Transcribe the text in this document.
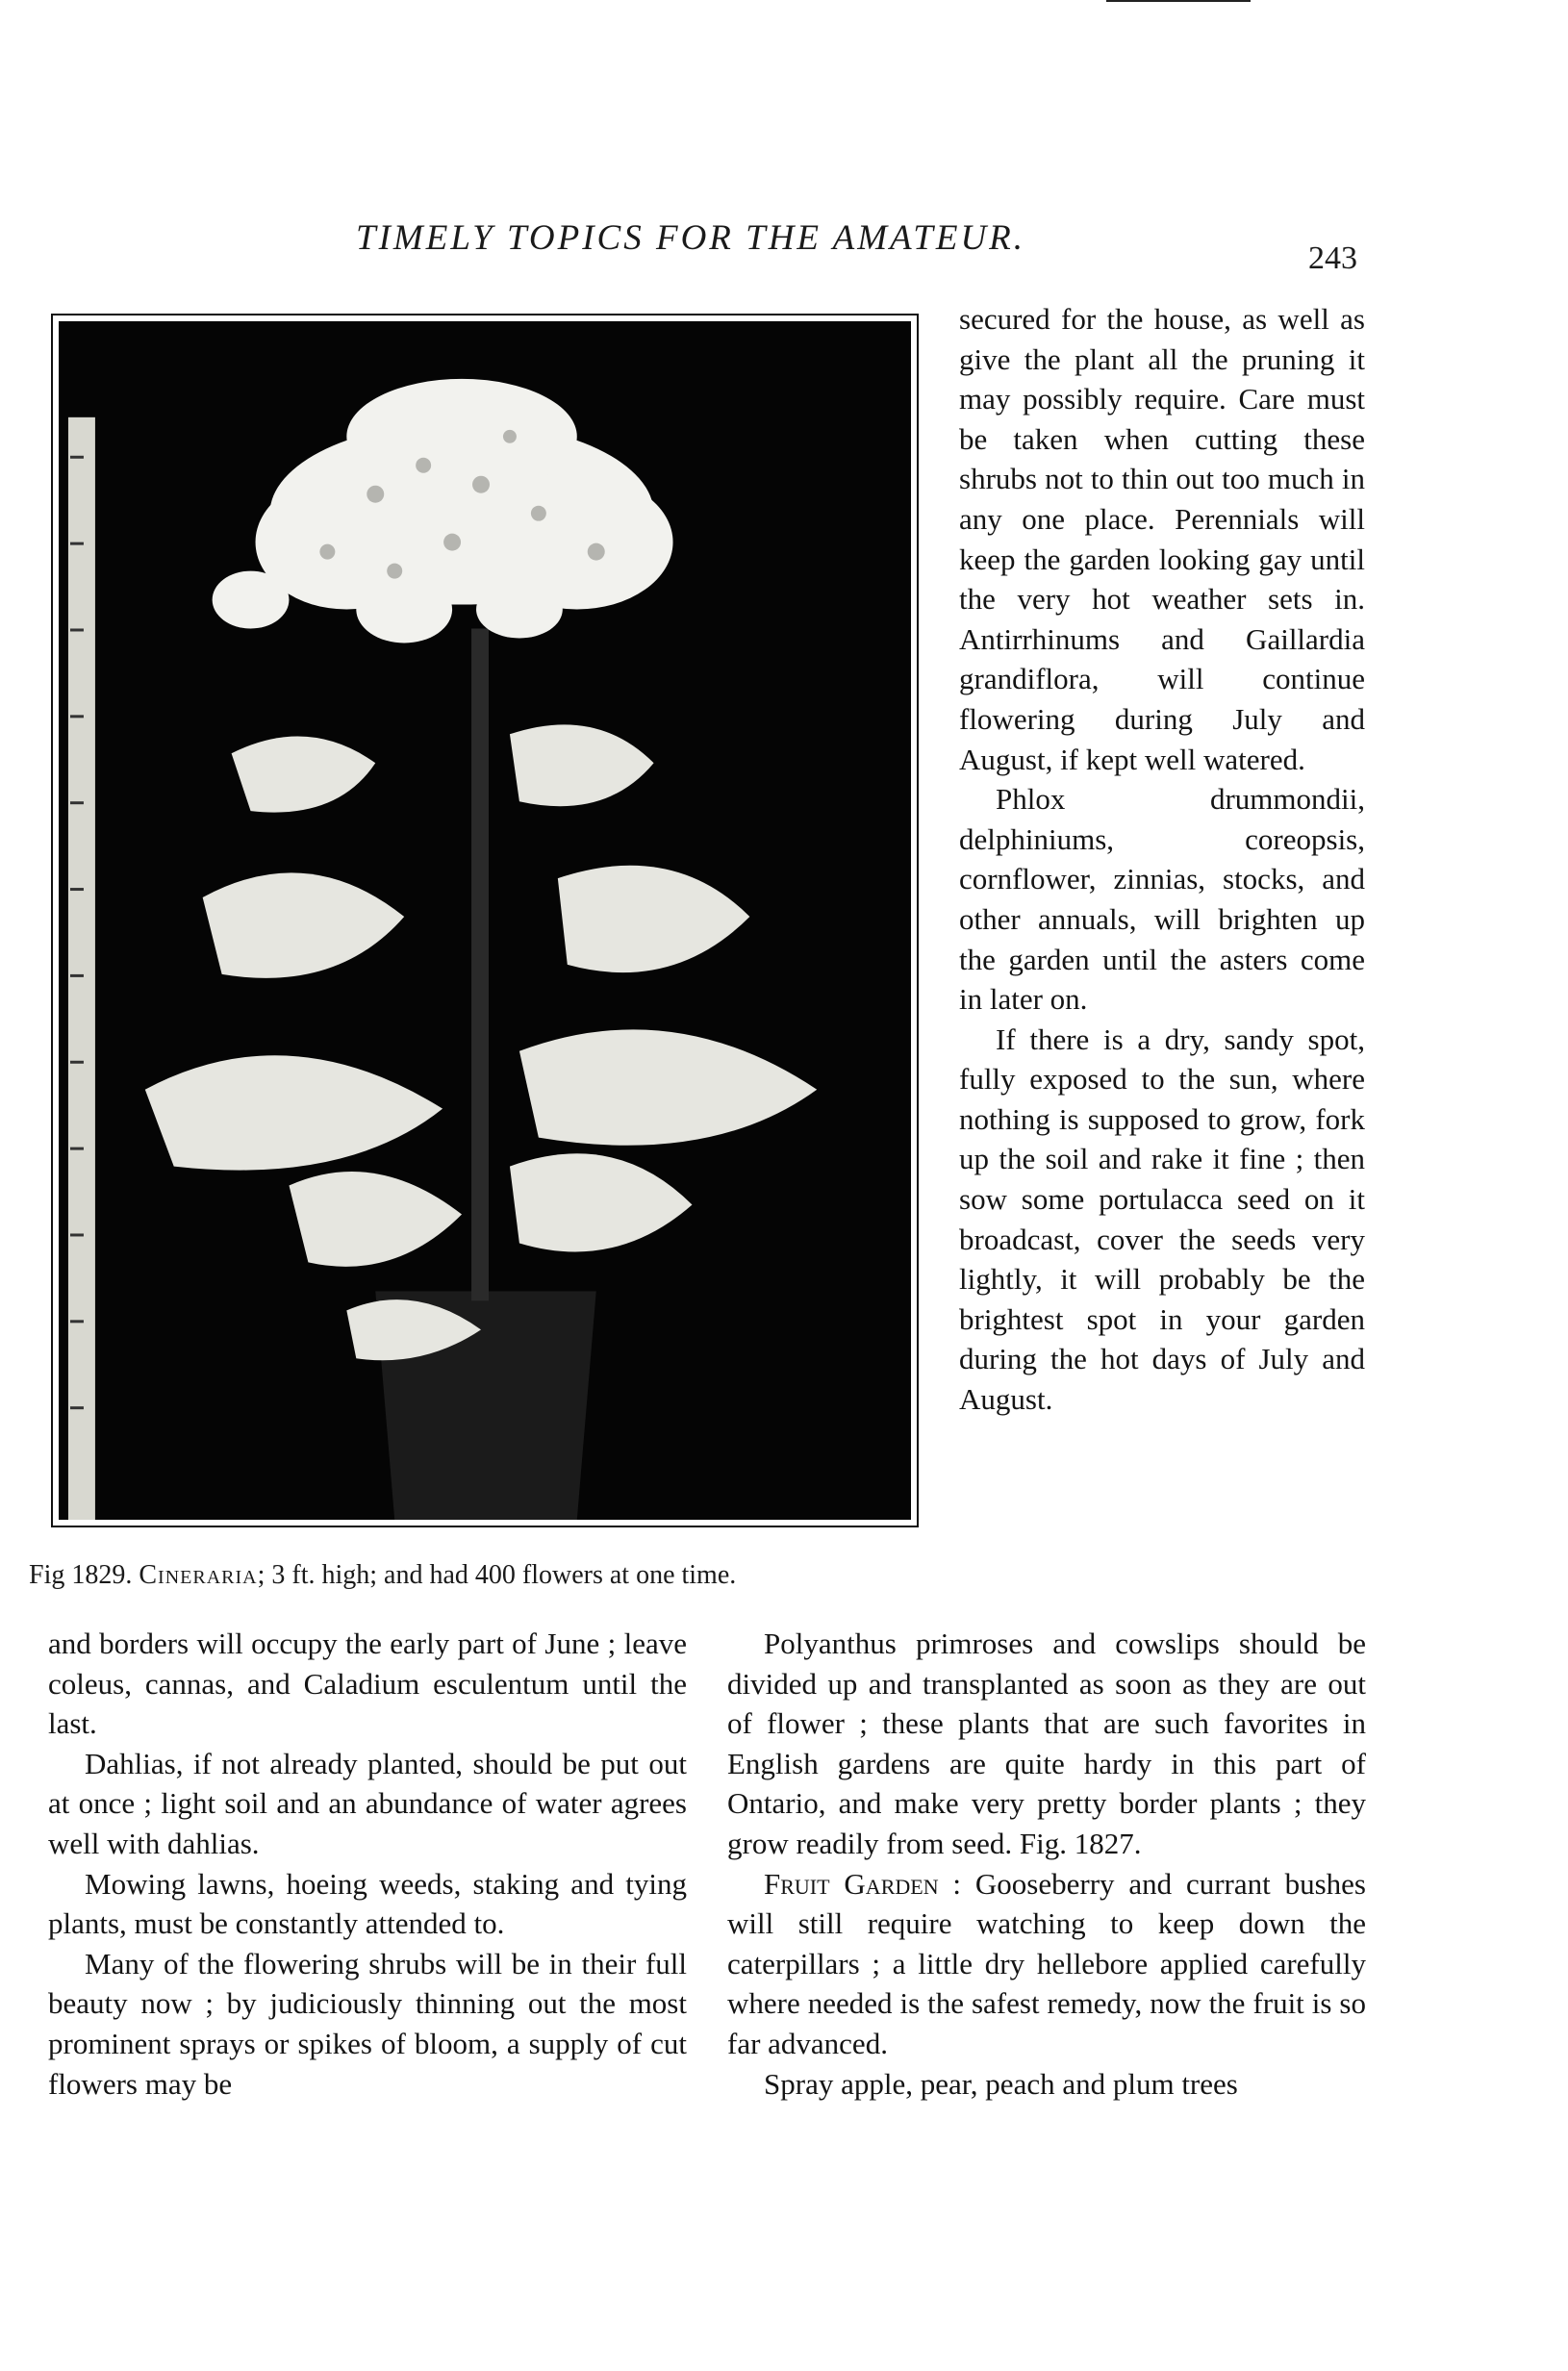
TIMELY TOPICS FOR THE AMATEUR.
243
Fig 1829. Cineraria; 3 ft. high; and had 400 flowers at one time.

secured for the house, as well as give the plant all the pruning it may possibly require. Care must be taken when cutting these shrubs not to thin out too much in any one place. Perennials will keep the garden looking gay until the very hot weather sets in. Antirrhinums and Gaillardia grandiflora, will continue flowering during July and August, if kept well watered.

Phlox drummondii, delphiniums, coreopsis, cornflower, zinnias, stocks, and other annuals, will brighten up the garden until the asters come in later on.

If there is a dry, sandy spot, fully exposed to the sun, where nothing is supposed to grow, fork up the soil and rake it fine ; then sow some portulacca seed on it broadcast, cover the seeds very lightly, it will probably be the brightest spot in your garden during the hot days of July and August.

and borders will occupy the early part of June ; leave coleus, cannas, and Caladium esculentum until the last.

Dahlias, if not already planted, should be put out at once ; light soil and an abundance of water agrees well with dahlias.

Mowing lawns, hoeing weeds, staking and tying plants, must be constantly attended to.

Many of the flowering shrubs will be in their full beauty now ; by judiciously thinning out the most prominent sprays or spikes of bloom, a supply of cut flowers may be

Polyanthus primroses and cowslips should be divided up and transplanted as soon as they are out of flower ; these plants that are such favorites in English gardens are quite hardy in this part of Ontario, and make very pretty border plants ; they grow readily from seed. Fig. 1827.

Fruit Garden : Gooseberry and currant bushes will still require watching to keep down the caterpillars ; a little dry hellebore applied carefully where needed is the safest remedy, now the fruit is so far advanced.

Spray apple, pear, peach and plum trees
